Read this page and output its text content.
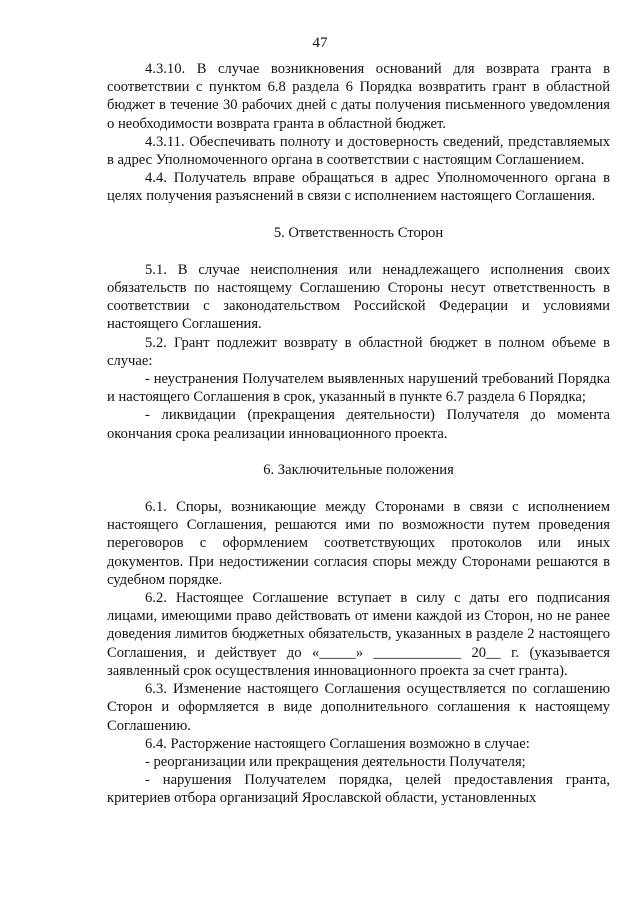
47

4.3.10. В случае возникновения оснований для возврата гранта в соответствии с пунктом 6.8 раздела 6 Порядка возвратить грант в областной бюджет в течение 30 рабочих дней с даты получения письменного уведомления о необходимости возврата гранта в областной бюджет.

4.3.11. Обеспечивать полноту и достоверность сведений, представляемых в адрес Уполномоченного органа в соответствии с настоящим Соглашением.

4.4. Получатель вправе обращаться в адрес Уполномоченного органа в целях получения разъяснений в связи с исполнением настоящего Соглашения.

5. Ответственность Сторон

5.1. В случае неисполнения или ненадлежащего исполнения своих обязательств по настоящему Соглашению Стороны несут ответственность в соответствии с законодательством Российской Федерации и условиями настоящего Соглашения.

5.2. Грант подлежит возврату в областной бюджет в полном объеме в случае:

- неустранения Получателем выявленных нарушений требований Порядка и настоящего Соглашения в срок, указанный в пункте 6.7 раздела 6 Порядка;

- ликвидации (прекращения деятельности) Получателя до момента окончания срока реализации инновационного проекта.

6. Заключительные положения

6.1. Споры, возникающие между Сторонами в связи с исполнением настоящего Соглашения, решаются ими по возможности путем проведения переговоров с оформлением соответствующих протоколов или иных документов. При недостижении согласия споры между Сторонами решаются в судебном порядке.

6.2. Настоящее Соглашение вступает в силу с даты его подписания лицами, имеющими право действовать от имени каждой из Сторон, но не ранее доведения лимитов бюджетных обязательств, указанных в разделе 2 настоящего Соглашения, и действует до «_____» ____________ 20__ г. (указывается заявленный срок осуществления инновационного проекта за счет гранта).

6.3. Изменение настоящего Соглашения осуществляется по соглашению Сторон и оформляется в виде дополнительного соглашения к настоящему Соглашению.

6.4. Расторжение настоящего Соглашения возможно в случае:

- реорганизации или прекращения деятельности Получателя;

- нарушения Получателем порядка, целей предоставления гранта, критериев отбора организаций Ярославской области, установленных
